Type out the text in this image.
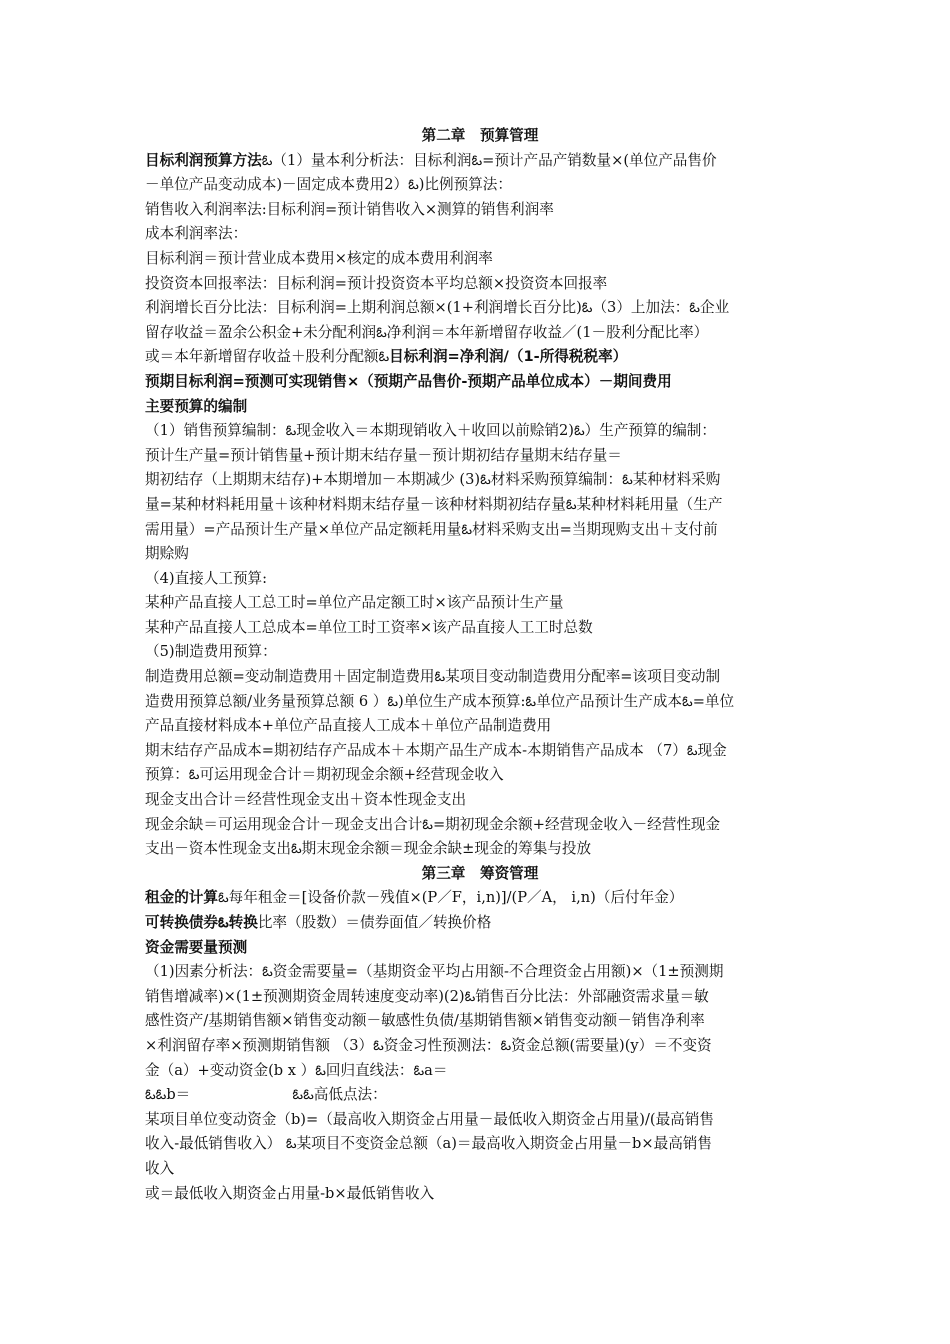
第二章　预算管理

目标利润预算方法ఓ（1）量本利分析法：目标利润ఓ=预计产品产销数量×(单位产品售价

－单位产品变动成本)－固定成本费用2）ఓ)比例预算法：

销售收入利润率法:目标利润=预计销售收入×测算的销售利润率

成本利润率法：

目标利润＝预计营业成本费用×核定的成本费用利润率

投资资本回报率法：目标利润=预计投资资本平均总额×投资资本回报率

利润增长百分比法：目标利润=上期利润总额×(1+利润增长百分比)ఓ（3）上加法：ఓ企业

留存收益＝盈余公积金+未分配利润ఓ净利润＝本年新增留存收益／(1－股利分配比率）

或＝本年新增留存收益＋股利分配额ఓ目标利润=净利润/（1-所得税税率）

预期目标利润=预测可实现销售×（预期产品售价-预期产品单位成本）－期间费用

主要预算的编制

（1）销售预算编制：ఓ现金收入＝本期现销收入＋收回以前赊销2)ఓ）生产预算的编制：

预计生产量=预计销售量+预计期末结存量－预计期初结存量期末结存量＝

期初结存（上期期末结存)+本期增加－本期减少 (3)ఓ材料采购预算编制：ఓ某种材料采购

量=某种材料耗用量＋该种材料期末结存量－该种材料期初结存量ఓ某种材料耗用量（生产

需用量）=产品预计生产量×单位产品定额耗用量ఓ材料采购支出=当期现购支出＋支付前

期赊购

（4)直接人工预算:

某种产品直接人工总工时=单位产品定额工时×该产品预计生产量

某种产品直接人工总成本=单位工时工资率×该产品直接人工工时总数

（5)制造费用预算：

制造费用总额=变动制造费用＋固定制造费用ఓ某项目变动制造费用分配率=该项目变动制

造费用预算总额/业务量预算总额 6 ）ఓ)单位生产成本预算:ఓ单位产品预计生产成本ఓ=单位

产品直接材料成本+单位产品直接人工成本＋单位产品制造费用

期末结存产品成本=期初结存产品成本＋本期产品生产成本-本期销售产品成本 （7）ఓ现金

预算：ఓ可运用现金合计＝期初现金余额+经营现金收入

现金支出合计＝经营性现金支出＋资本性现金支出

现金余缺＝可运用现金合计－现金支出合计ఓ=期初现金余额+经营现金收入－经营性现金

支出－资本性现金支出ఓ期末现金余额＝现金余缺±现金的筹集与投放

第三章　筹资管理

租金的计算ఓ每年租金＝[设备价款－残值×(P／F，i,n)]/(P／A， i,n)（后付年金）

可转换债券ఓ转换比率（股数）＝债券面值／转换价格

资金需要量预测

（1)因素分析法：ఓ资金需要量=（基期资金平均占用额-不合理资金占用额)×（1±预测期

销售增减率)×(1±预测期资金周转速度变动率)(2)ఓ销售百分比法：外部融资需求量＝敏

感性资产/基期销售额×销售变动额－敏感性负债/基期销售额×销售变动额－销售净利率

×利润留存率×预测期销售额 （3）ఓ资金习性预测法：ఓ资金总额(需要量)(y）＝不变资

金（a）+变动资金(b x ）ఓ回归直线法：ఓa＝

ఓఓb＝　　　　　　　ఓఓ高低点法：

某项目单位变动资金（b)=（最高收入期资金占用量－最低收入期资金占用量)/(最高销售

收入-最低销售收入） ఓ某项目不变资金总额（a)＝最高收入期资金占用量－b×最高销售

收入

或＝最低收入期资金占用量-b×最低销售收入
